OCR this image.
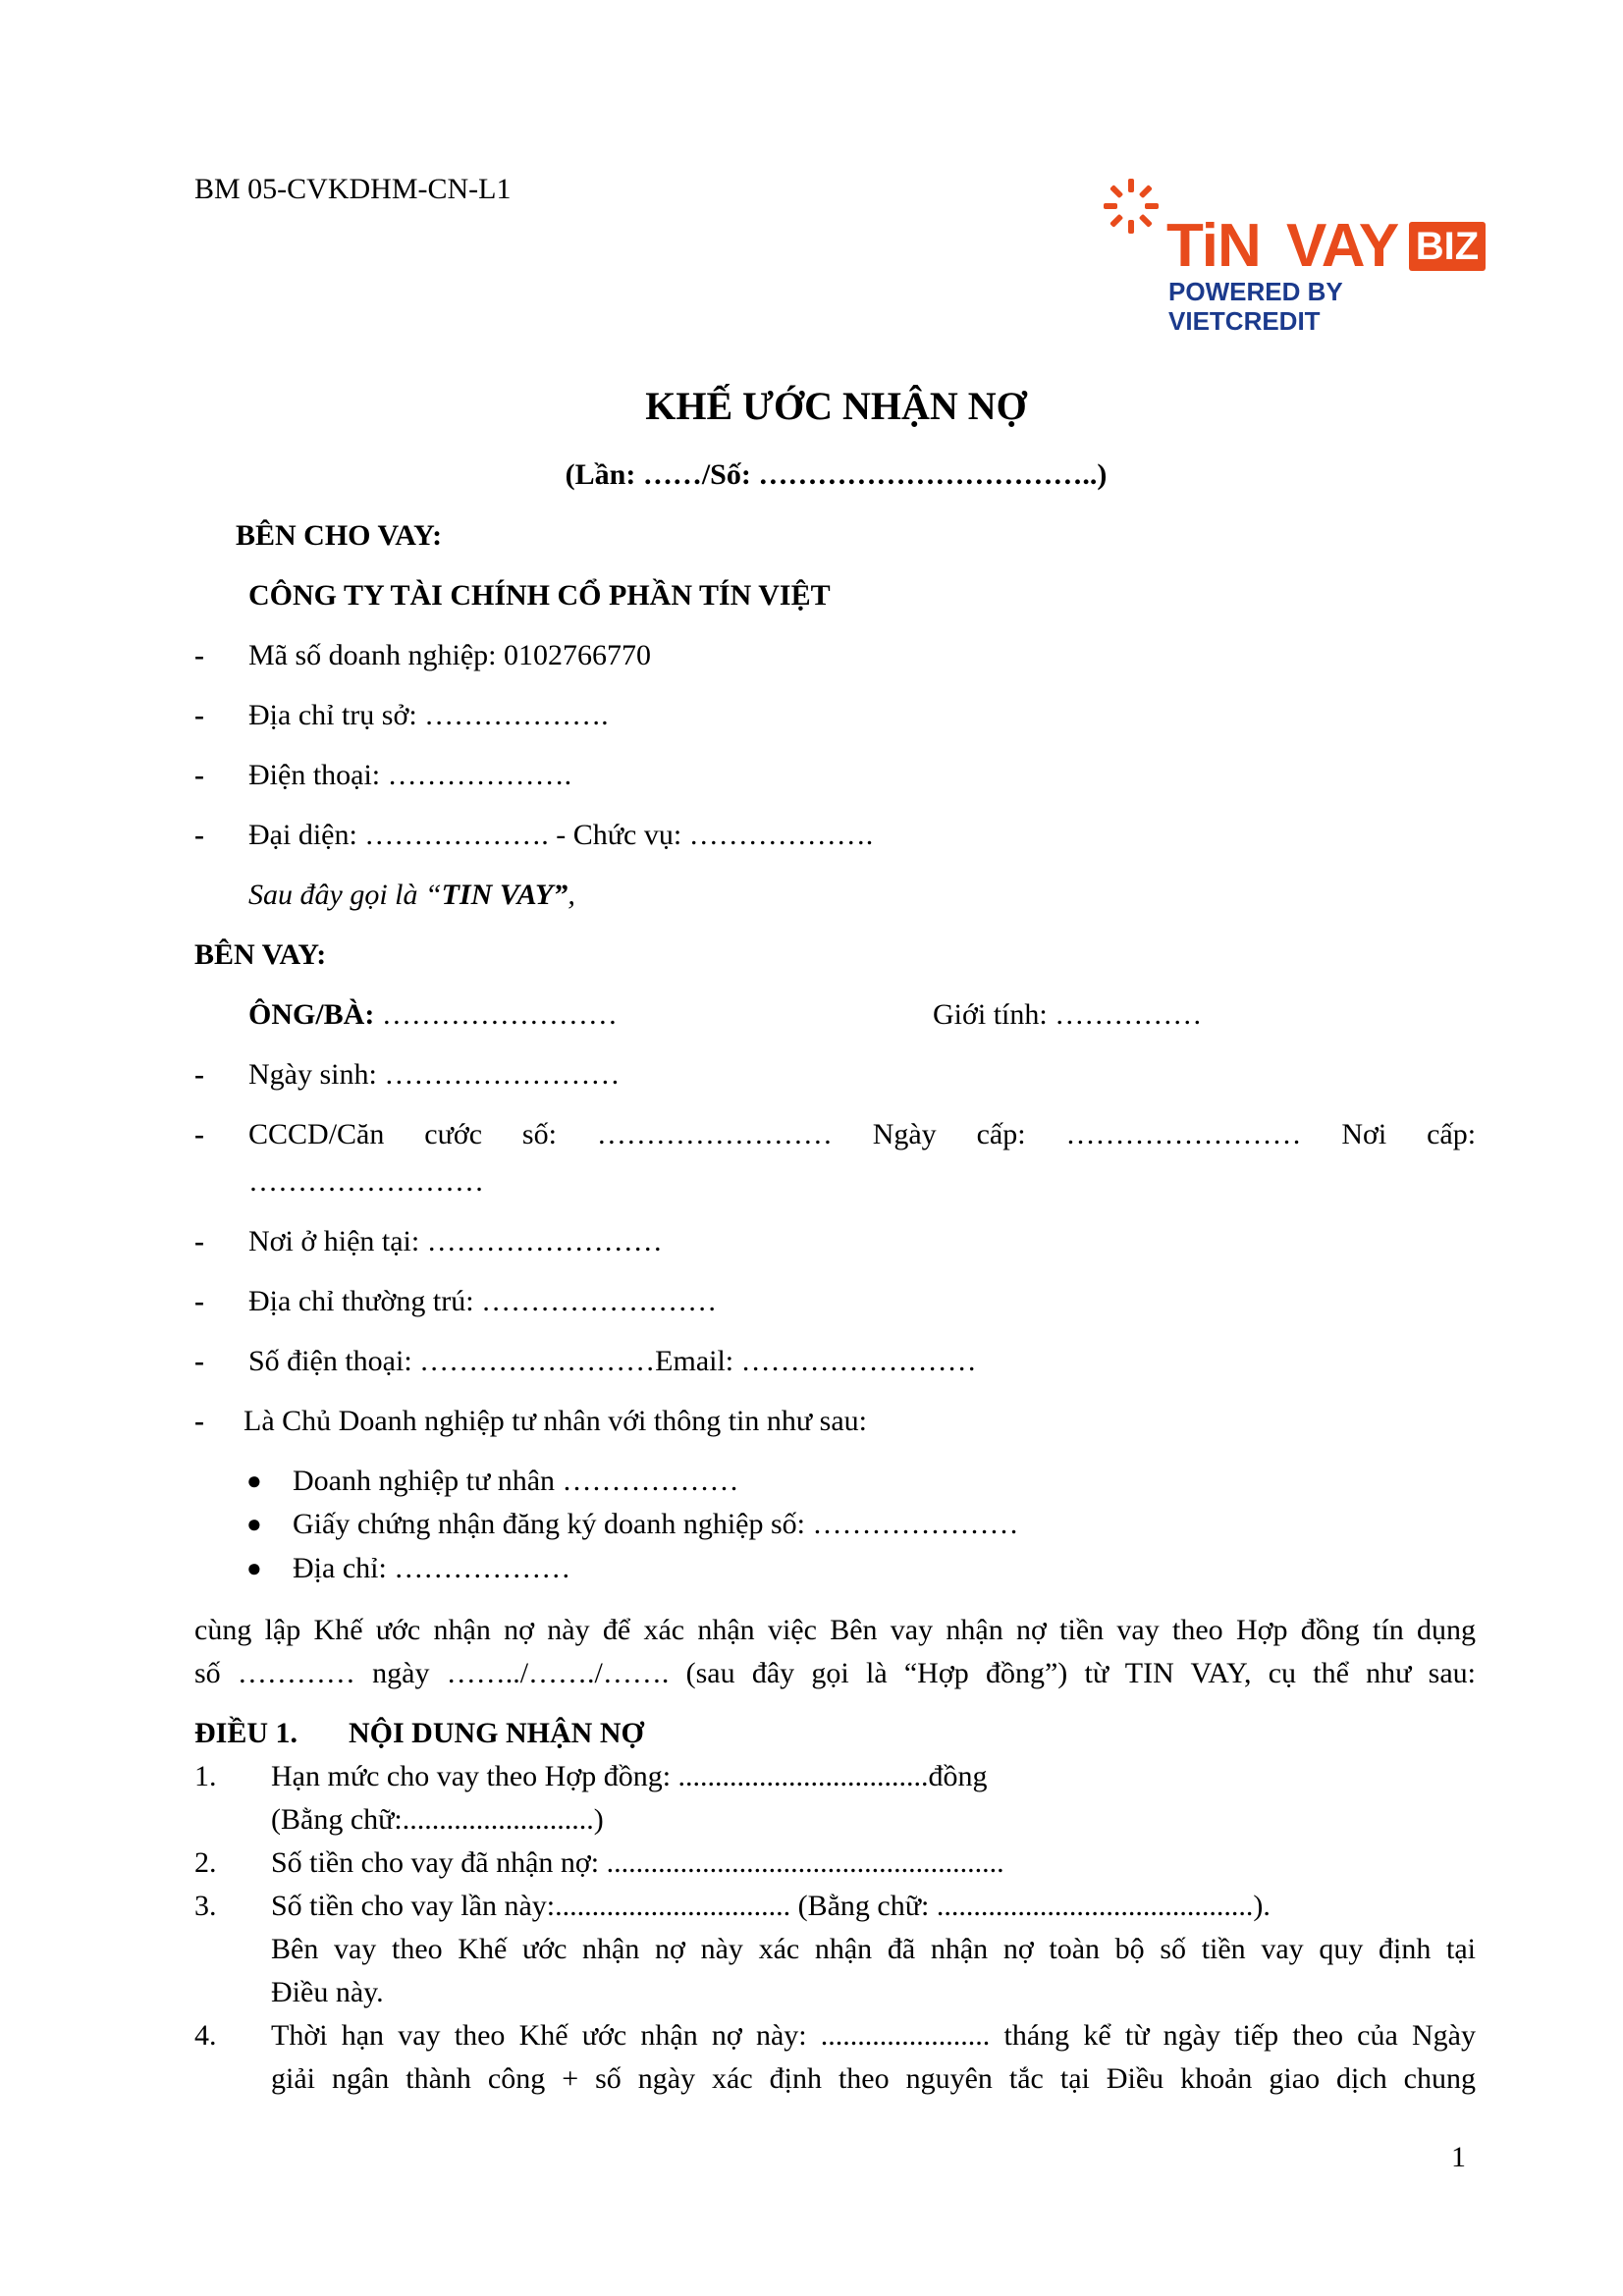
BM 05-CVKDHM-CN-L1
TiN VAY BIZ
POWERED BY VIETCREDIT
KHẾ ƯỚC NHẬN NỢ
(Lần: ……/Số: ……………………………..)
BÊN CHO VAY:
CÔNG TY TÀI CHÍNH CỔ PHẦN TÍN VIỆT
- Mã số doanh nghiệp: 0102766770
- Địa chỉ trụ sở: ……………….
- Điện thoại: ……………….
- Đại diện: ………………. - Chức vụ: ……………….
Sau đây gọi là “TIN VAY”,
BÊN VAY:
ÔNG/BÀ: ……………………	Giới tính: ……………
- Ngày sinh: ……………………
- CCCD/Căn cước số: …………………… Ngày cấp: …………………… Nơi cấp:
……………………
- Nơi ở hiện tại: ……………………
- Địa chỉ thường trú: ……………………
- Số điện thoại: ……………………Email: ……………………
- Là Chủ Doanh nghiệp tư nhân với thông tin như sau:
● Doanh nghiệp tư nhân ………………
● Giấy chứng nhận đăng ký doanh nghiệp số: …………………
● Địa chỉ: ………………
cùng lập Khế ước nhận nợ này để xác nhận việc Bên vay nhận nợ tiền vay theo Hợp đồng tín dụng
số ………… ngày ……../……./……. (sau đây gọi là “Hợp đồng”) từ TIN VAY, cụ thể như sau:
ĐIỀU 1. NỘI DUNG NHẬN NỢ
1. Hạn mức cho vay theo Hợp đồng: ..................................đồng
(Bằng chữ:..........................)
2. Số tiền cho vay đã nhận nợ: ......................................................
3. Số tiền cho vay lần này:................................ (Bằng chữ: ...........................................).
Bên vay theo Khế ước nhận nợ này xác nhận đã nhận nợ toàn bộ số tiền vay quy định tại
Điều này.
4. Thời hạn vay theo Khế ước nhận nợ này: ....................... tháng kể từ ngày tiếp theo của Ngày
giải ngân thành công + số ngày xác định theo nguyên tắc tại Điều khoản giao dịch chung
1
